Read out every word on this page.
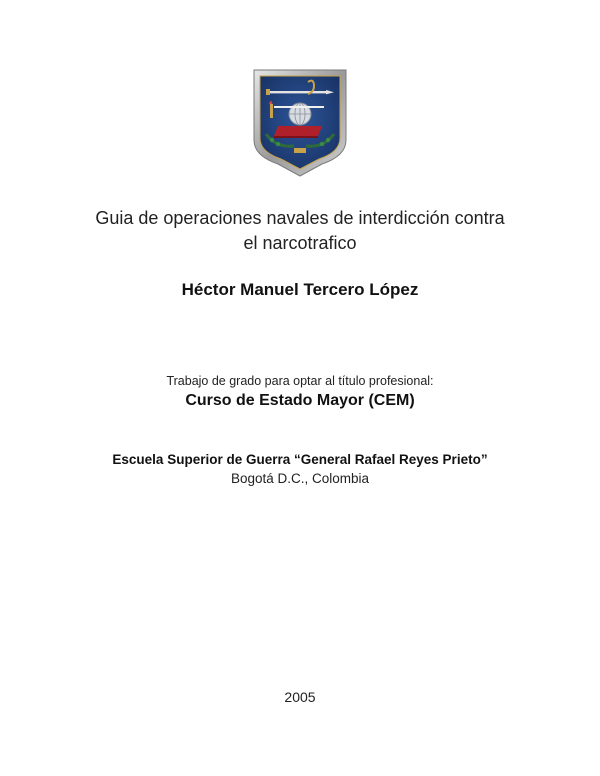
Guia de operaciones navales de interdicción contra
el narcotrafico

Héctor Manuel Tercero López

Trabajo de grado para optar al título profesional:

Curso de Estado Mayor (CEM)

Escuela Superior de Guerra “General Rafael Reyes Prieto”

Bogotá D.C., Colombia

2005
